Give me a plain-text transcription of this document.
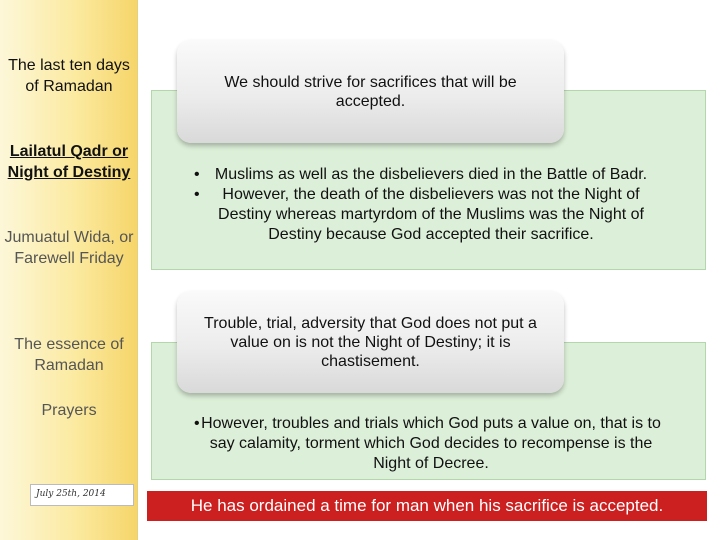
The last ten days of Ramadan
Lailatul Qadr or Night of Destiny
Jumuatul Wida, or Farewell Friday
The essence of Ramadan
Prayers
July 25th, 2014
We should strive for sacrifices that will be accepted.
• Muslims as well as the disbelievers died in the Battle of Badr.
• However, the death of the disbelievers was not the Night of Destiny whereas martyrdom of the Muslims was the Night of Destiny because God accepted their sacrifice.
Trouble, trial, adversity that God does not put a value on is not the Night of Destiny; it is chastisement.
• However, troubles and trials which God puts a value on, that is to say calamity, torment which God decides to recompense is the Night of Decree.
He has ordained a time for man when his sacrifice is accepted.
